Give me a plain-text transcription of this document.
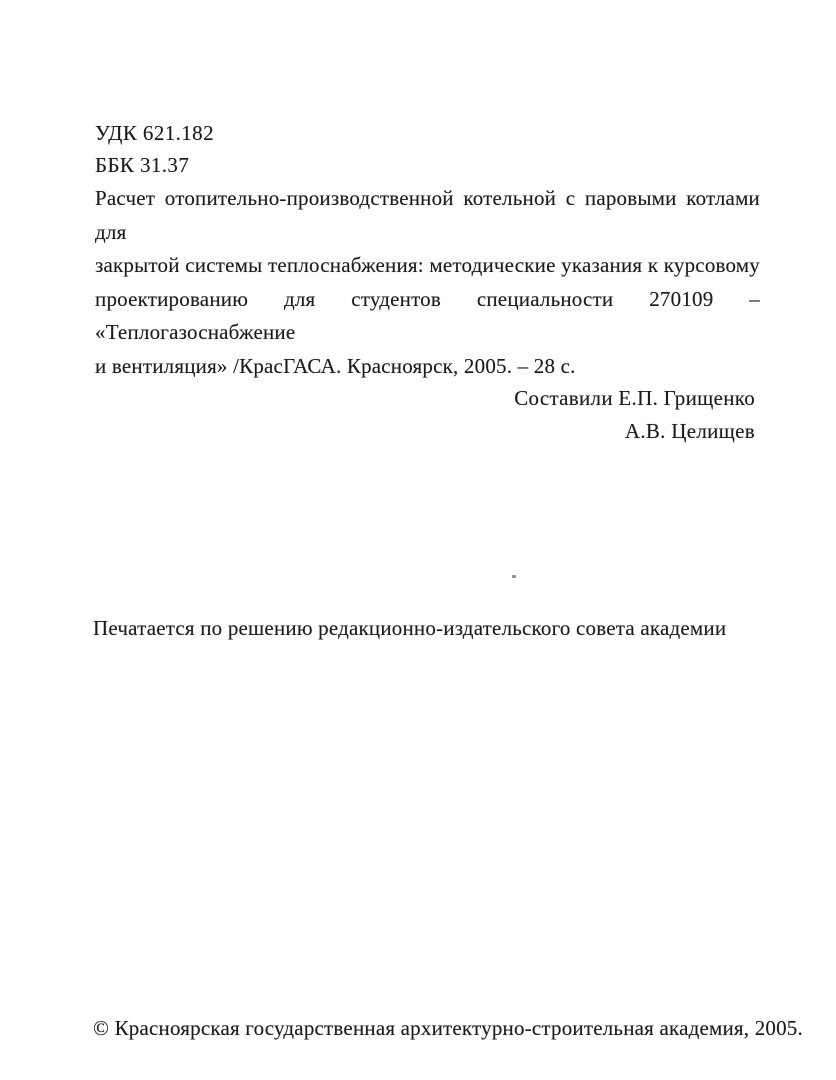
УДК 621.182
ББК 31.37
Расчет отопительно-производственной котельной с паровыми котлами для
закрытой системы теплоснабжения: методические указания к курсовому
проектированию для студентов специальности 270109 – «Теплогазоснабжение
и вентиляция» /КрасГАСА. Красноярск, 2005. – 28 с.
Составили Е.П. Грищенко
А.В. Целищев
Печатается по решению редакционно-издательского совета академии
© Красноярская государственная архитектурно-строительная академия, 2005.
